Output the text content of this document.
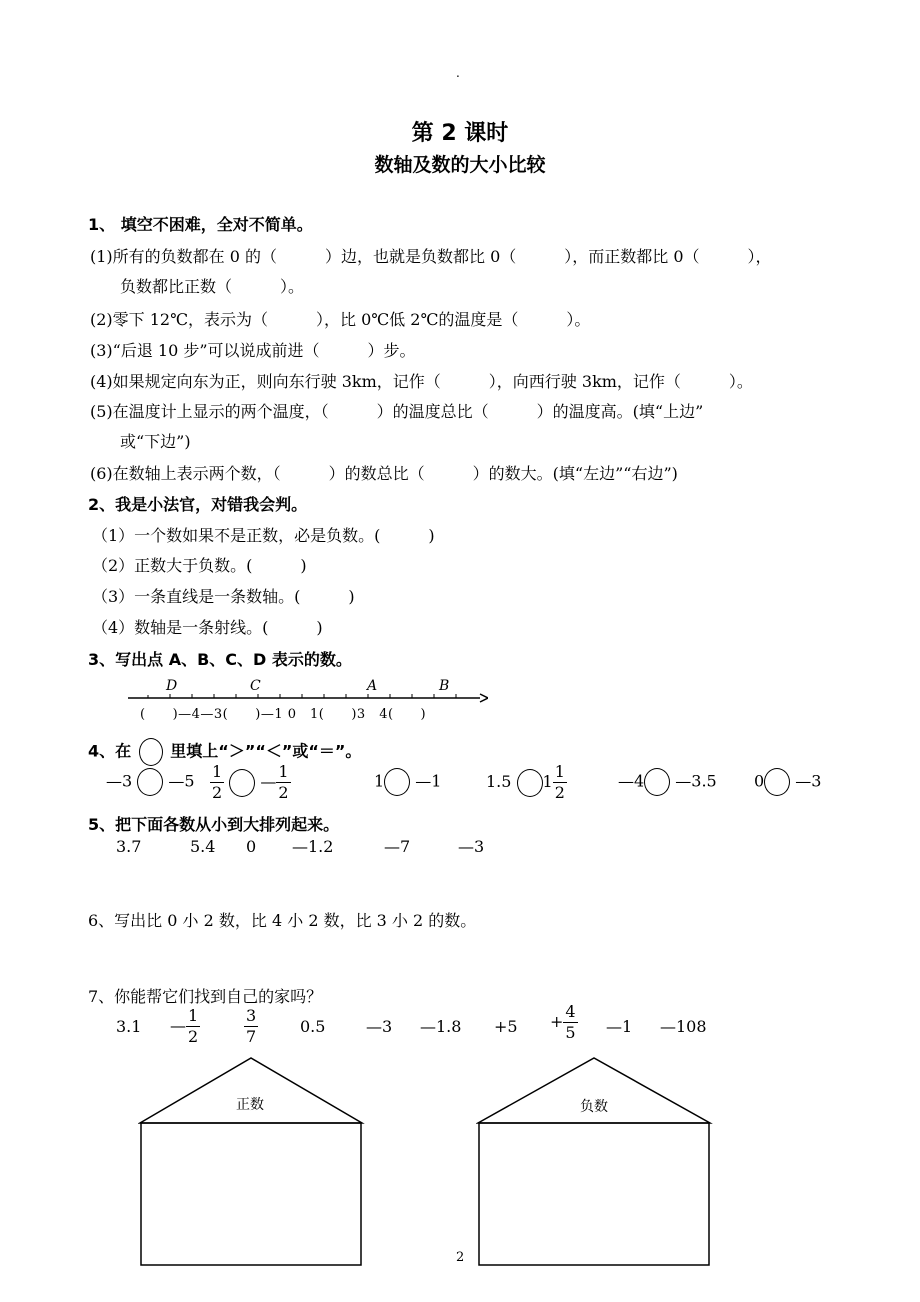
.
第 2 课时
数轴及数的大小比较
1、 填空不困难，全对不简单。
(1)所有的负数都在 0 的（　　　）边，也就是负数都比 0（　　　），而正数都比 0（　　　），
负数都比正数（　　　）。
(2)零下 12℃，表示为（　　　），比 0℃低 2℃的温度是（　　　）。
(3)“后退 10 步”可以说成前进（　　　）步。
(4)如果规定向东为正，则向东行驶 3km，记作（　　　），向西行驶 3km，记作（　　　）。
(5)在温度计上显示的两个温度，（　　　）的温度总比（　　　）的温度高。(填“上边”
或“下边”)
(6)在数轴上表示两个数，（　　　）的数总比（　　　）的数大。(填“左边”“右边”)
2、我是小法官，对错我会判。
（1）一个数如果不是正数，必是负数。(　　　)
（2）正数大于负数。(　　　)
（3）一条直线是一条数轴。(　　　)
（4）数轴是一条射线。(　　　)
3、写出点 A、B、C、D 表示的数。
D	C	A	B
(　　)—4—3(　　)—1 0　1(　　)3　4(　　)
4、在 里填上“＞”“＜”或“＝”。
—3 —5 $\frac{1}{2}$ — $\frac{1}{2}$	1 —1	1.5 $1 \frac{1}{2}$	—4 —3.5 0 —3
5、把下面各数从小到大排列起来。
3.7	5.4 0 —1.2	—7	—3
6、写出比 0 小 2 数，比 4 小 2 数，比 3 小 2 的数。
7、你能帮它们找到自己的家吗？
3.1 — $\frac{1}{2}$	$\frac{3}{7}$	0.5	—3 —1.8 $+5 + \frac{4}{5}$ —1 —108
正数	负数
2
